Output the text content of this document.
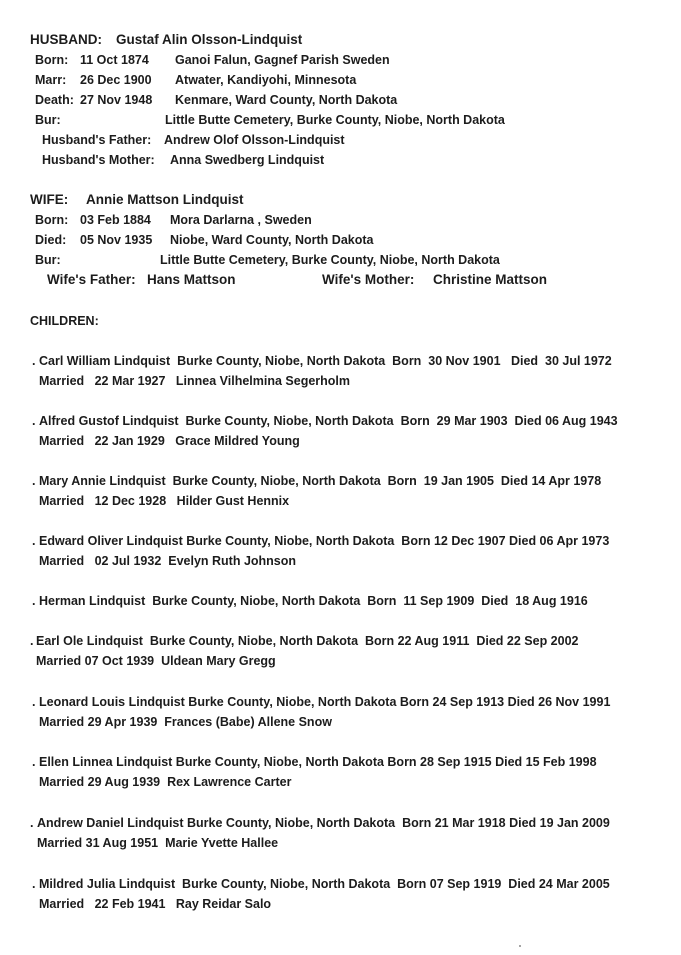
HUSBAND: Gustaf Alin Olsson-Lindquist
Born: 11 Oct 1874 Ganoi Falun, Gagnef Parish Sweden
Marr: 26 Dec 1900 Atwater, Kandiyohi, Minnesota
Death: 27 Nov 1948 Kenmare, Ward County, North Dakota
Bur:	Little Butte Cemetery, Burke County, Niobe, North Dakota
Husband's Father: Andrew Olof Olsson-Lindquist
Husband's Mother: Anna Swedberg Lindquist
WIFE: Annie Mattson Lindquist
Born: 03 Feb 1884 Mora Darlarna , Sweden
Died: 05 Nov 1935 Niobe, Ward County, North Dakota
Bur:	Little Butte Cemetery, Burke County, Niobe, North Dakota
Wife's Father: Hans Mattson	Wife's Mother: Christine Mattson
CHILDREN:
. Carl William Lindquist  Burke County, Niobe, North Dakota  Born  30 Nov 1901   Died  30 Jul 1972
Married   22 Mar 1927   Linnea Vilhelmina Segerholm
. Alfred Gustof Lindquist  Burke County, Niobe, North Dakota  Born  29 Mar 1903  Died 06 Aug 1943
Married   22 Jan 1929   Grace Mildred Young
. Mary Annie Lindquist  Burke County, Niobe, North Dakota  Born  19 Jan 1905  Died 14 Apr 1978
Married   12 Dec 1928   Hilder Gust Hennix
. Edward Oliver Lindquist Burke County, Niobe, North Dakota  Born 12 Dec 1907 Died 06 Apr 1973
Married   02 Jul 1932  Evelyn Ruth Johnson
. Herman Lindquist  Burke County, Niobe, North Dakota  Born  11 Sep 1909  Died  18 Aug 1916
. Earl Ole Lindquist  Burke County, Niobe, North Dakota  Born 22 Aug 1911  Died 22 Sep 2002
Married 07 Oct 1939  Uldean Mary Gregg
. Leonard Louis Lindquist Burke County, Niobe, North Dakota Born 24 Sep 1913 Died 26 Nov 1991
Married 29 Apr 1939  Frances (Babe) Allene Snow
. Ellen Linnea Lindquist Burke County, Niobe, North Dakota Born 28 Sep 1915 Died 15 Feb 1998
Married 29 Aug 1939  Rex Lawrence Carter
. Andrew Daniel Lindquist Burke County, Niobe, North Dakota  Born 21 Mar 1918 Died 19 Jan 2009
Married 31 Aug 1951  Marie Yvette Hallee
. Mildred Julia Lindquist  Burke County, Niobe, North Dakota  Born 07 Sep 1919  Died 24 Mar 2005
Married   22 Feb 1941   Ray Reidar Salo
